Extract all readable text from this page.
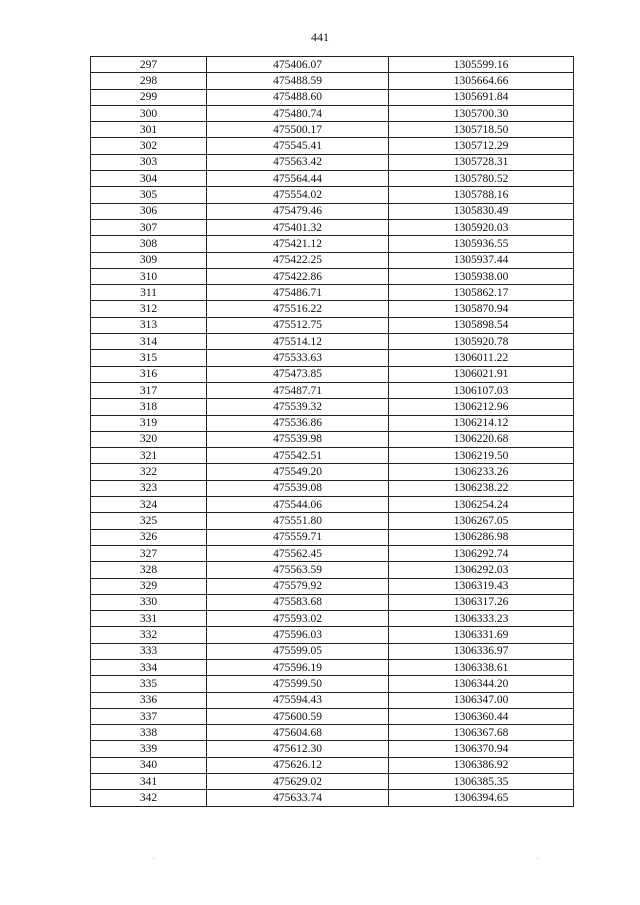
441
297	475406.07	1305599.16
298	475488.59	1305664.66
299	475488.60	1305691.84
300	475480.74	1305700.30
301	475500.17	1305718.50
302	475545.41	1305712.29
303	475563.42	1305728.31
304	475564.44	1305780.52
305	475554.02	1305788.16
306	475479.46	1305830.49
307	475401.32	1305920.03
308	475421.12	1305936.55
309	475422.25	1305937.44
310	475422.86	1305938.00
311	475486.71	1305862.17
312	475516.22	1305870.94
313	475512.75	1305898.54
314	475514.12	1305920.78
315	475533.63	1306011.22
316	475473.85	1306021.91
317	475487.71	1306107.03
318	475539.32	1306212.96
319	475536.86	1306214.12
320	475539.98	1306220.68
321	475542.51	1306219.50
322	475549.20	1306233.26
323	475539.08	1306238.22
324	475544.06	1306254.24
325	475551.80	1306267.05
326	475559.71	1306286.98
327	475562.45	1306292.74
328	475563.59	1306292.03
329	475579.92	1306319.43
330	475583.68	1306317.26
331	475593.02	1306333.23
332	475596.03	1306331.69
333	475599.05	1306336.97
334	475596.19	1306338.61
335	475599.50	1306344.20
336	475594.43	1306347.00
337	475600.59	1306360.44
338	475604.68	1306367.68
339	475612.30	1306370.94
340	475626.12	1306386.92
341	475629.02	1306385.35
342	475633.74	1306394.65
˙	˙
